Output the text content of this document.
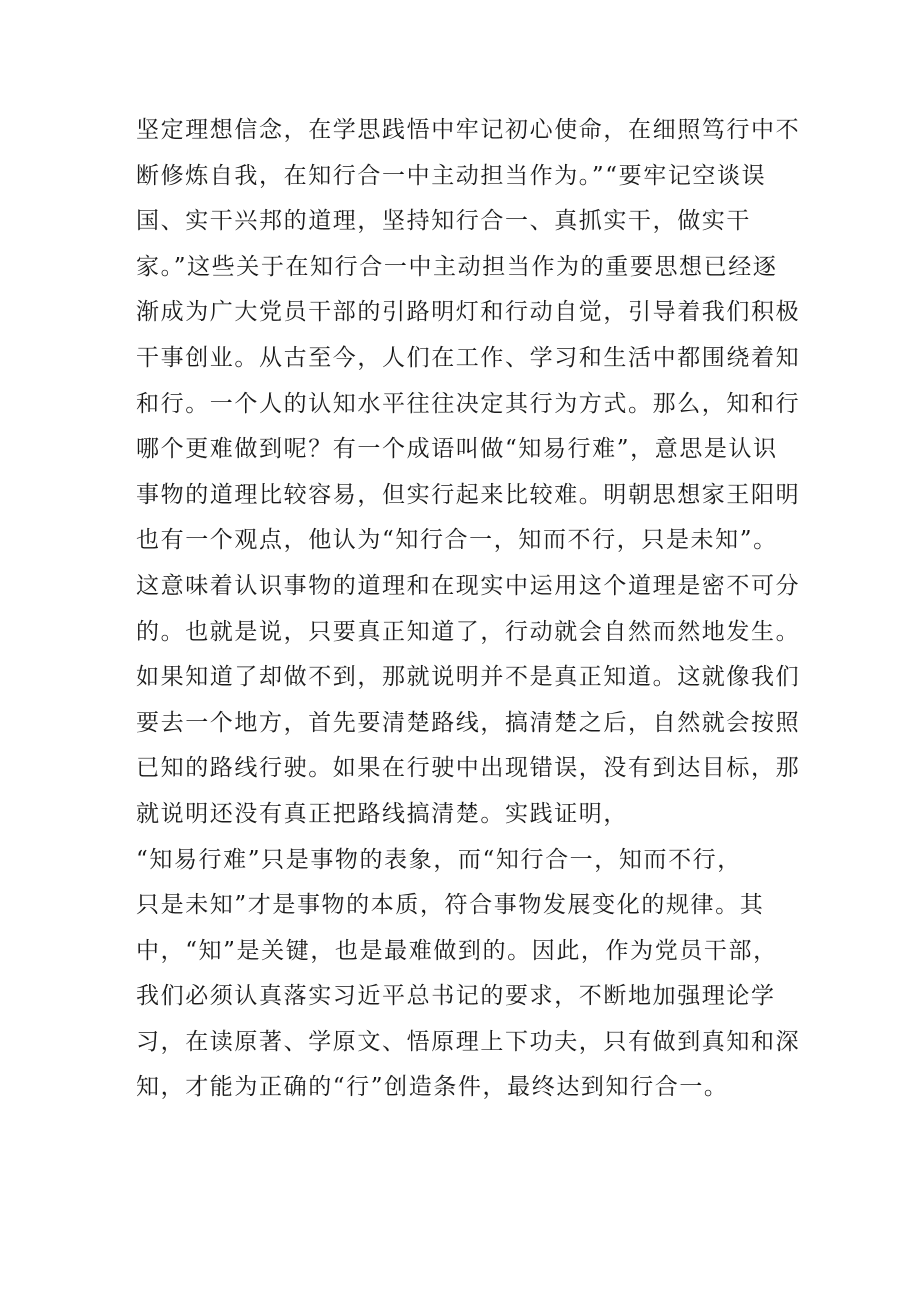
坚定理想信念，在学思践悟中牢记初心使命，在细照笃行中不
断修炼自我，在知行合一中主动担当作为。”“要牢记空谈误
国、实干兴邦的道理，坚持知行合一、真抓实干，做实干
家。”这些关于在知行合一中主动担当作为的重要思想已经逐
渐成为广大党员干部的引路明灯和行动自觉，引导着我们积极
干事创业。从古至今，人们在工作、学习和生活中都围绕着知
和行。一个人的认知水平往往决定其行为方式。那么，知和行
哪个更难做到呢？有一个成语叫做“知易行难”，意思是认识
事物的道理比较容易，但实行起来比较难。明朝思想家王阳明
也有一个观点，他认为“知行合一，知而不行，只是未知”。
这意味着认识事物的道理和在现实中运用这个道理是密不可分
的。也就是说，只要真正知道了，行动就会自然而然地发生。
如果知道了却做不到，那就说明并不是真正知道。这就像我们
要去一个地方，首先要清楚路线，搞清楚之后，自然就会按照
已知的路线行驶。如果在行驶中出现错误，没有到达目标，那
就说明还没有真正把路线搞清楚。实践证明，
“知易行难”只是事物的表象，而“知行合一，知而不行，
只是未知”才是事物的本质，符合事物发展变化的规律。其
中，“知”是关键，也是最难做到的。因此，作为党员干部，
我们必须认真落实习近平总书记的要求，不断地加强理论学
习，在读原著、学原文、悟原理上下功夫，只有做到真知和深
知，才能为正确的“行”创造条件，最终达到知行合一。
